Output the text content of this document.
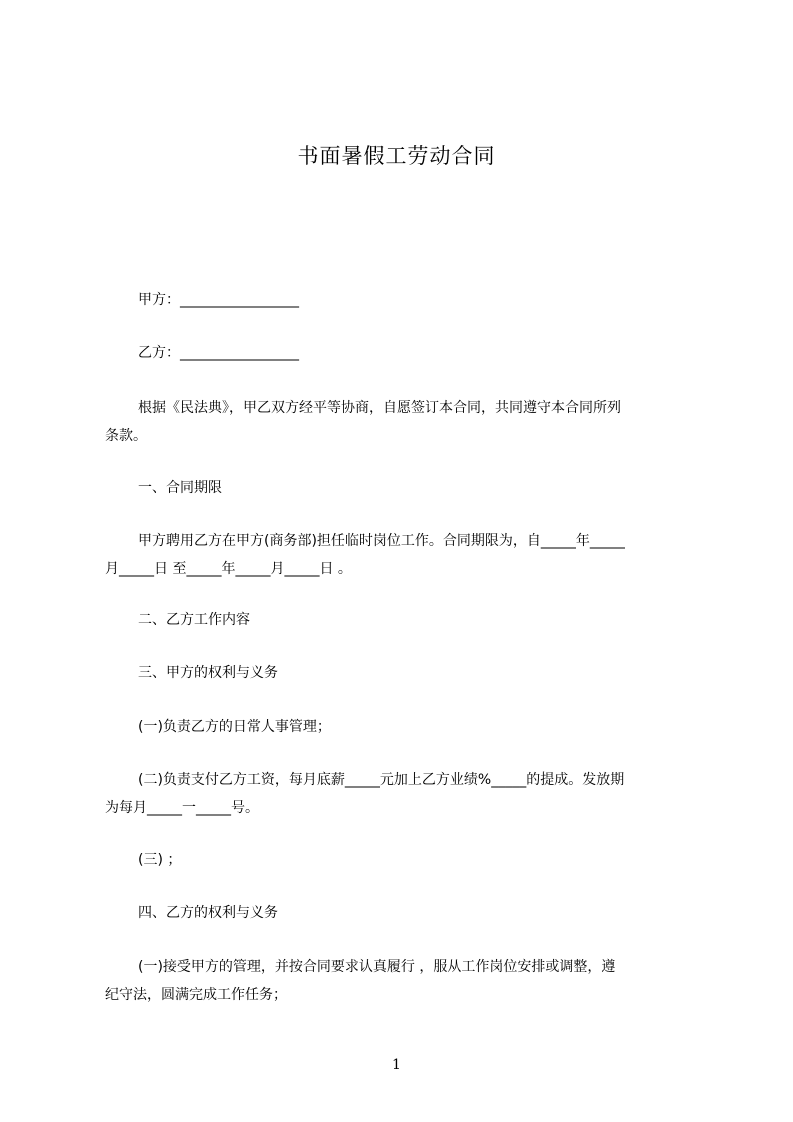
书面暑假工劳动合同
甲方：_________________
乙方：_________________
根据《民法典》，甲乙双方经平等协商，自愿签订本合同，共同遵守本合同所列
条款。
一、合同期限
甲方聘用乙方在甲方(商务部)担任临时岗位工作。合同期限为，自_____年_____
月_____日 至_____年_____月_____日 。
二、乙方工作内容
三、甲方的权利与义务
(一)负责乙方的日常人事管理；
(二)负责支付乙方工资，每月底薪_____元加上乙方业绩%_____的提成。发放期
为每月_____一_____号。
(三) ；
四、乙方的权利与义务
(一)接受甲方的管理，并按合同要求认真履行 ，服从工作岗位安排或调整，遵
纪守法，圆满完成工作任务；
1
